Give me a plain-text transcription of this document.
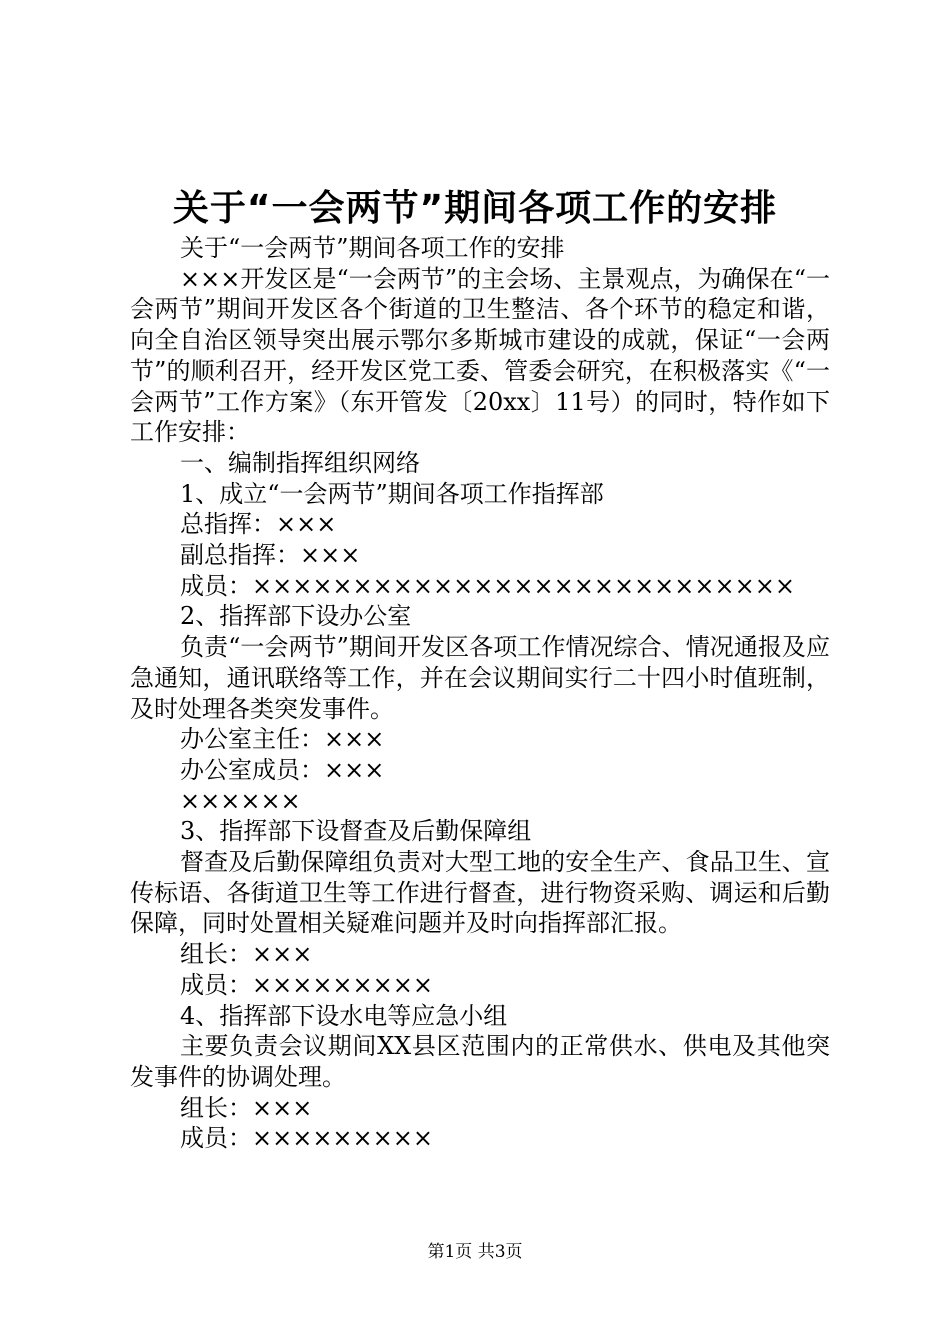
关于“一会两节”期间各项工作的安排

关于“一会两节”期间各项工作的安排

×××开发区是“一会两节”的主会场、主景观点，为确保在“一会两节”期间开发区各个街道的卫生整洁、各个环节的稳定和谐，向全自治区领导突出展示鄂尔多斯城市建设的成就，保证“一会两节”的顺利召开，经开发区党工委、管委会研究，在积极落实《“一会两节”工作方案》（东开管发〔20xx〕11号）的同时，特作如下工作安排：

一、编制指挥组织网络

1、成立“一会两节”期间各项工作指挥部

总指挥：×××

副总指挥：×××

成员：×××××××××××××××××××××××××××

2、指挥部下设办公室

负责“一会两节”期间开发区各项工作情况综合、情况通报及应急通知，通讯联络等工作，并在会议期间实行二十四小时值班制，及时处理各类突发事件。

办公室主任：×××

办公室成员：×××

××××××

3、指挥部下设督查及后勤保障组

督查及后勤保障组负责对大型工地的安全生产、食品卫生、宣传标语、各街道卫生等工作进行督查，进行物资采购、调运和后勤保障，同时处置相关疑难问题并及时向指挥部汇报。

组长：×××

成员：×××××××××

4、指挥部下设水电等应急小组

主要负责会议期间XX县区范围内的正常供水、供电及其他突发事件的协调处理。

组长：×××

成员：×××××××××

第1页 共3页
